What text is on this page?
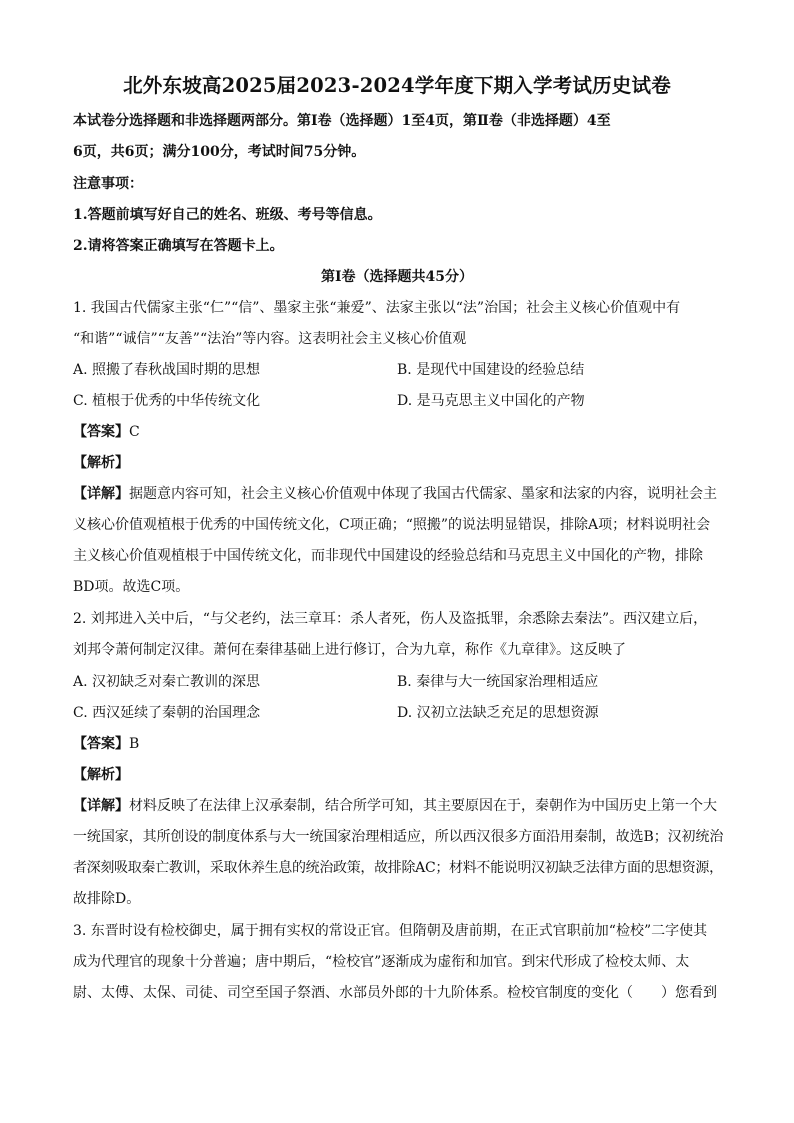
北外东坡高2025届2023-2024学年度下期入学考试历史试卷
本试卷分选择题和非选择题两部分。第Ⅰ卷（选择题）1至4页，第Ⅱ卷（非选择题）4至
6页，共6页；满分100分，考试时间75分钟。
注意事项：
1.答题前填写好自己的姓名、班级、考号等信息。
2.请将答案正确填写在答题卡上。
第Ⅰ卷（选择题共45分）
1. 我国古代儒家主张“仁”“信”、墨家主张“兼爱”、法家主张以“法”治国；社会主义核心价值观中有
“和谐”“诚信”“友善”“法治”等内容。这表明社会主义核心价值观
A. 照搬了春秋战国时期的思想	B. 是现代中国建设的经验总结
C. 植根于优秀的中华传统文化	D. 是马克思主义中国化的产物
【答案】C
【解析】
【详解】据题意内容可知，社会主义核心价值观中体现了我国古代儒家、墨家和法家的内容，说明社会主
义核心价值观植根于优秀的中国传统文化，C项正确；“照搬”的说法明显错误，排除A项；材料说明社会
主义核心价值观植根于中国传统文化，而非现代中国建设的经验总结和马克思主义中国化的产物，排除
BD项。故选C项。
2. 刘邦进入关中后，“与父老约，法三章耳：杀人者死，伤人及盗抵罪，余悉除去秦法”。西汉建立后，
刘邦令萧何制定汉律。萧何在秦律基础上进行修订，合为九章，称作《九章律》。这反映了
A. 汉初缺乏对秦亡教训的深思	B. 秦律与大一统国家治理相适应
C. 西汉延续了秦朝的治国理念	D. 汉初立法缺乏充足的思想资源
【答案】B
【解析】
【详解】材料反映了在法律上汉承秦制，结合所学可知，其主要原因在于，秦朝作为中国历史上第一个大
一统国家，其所创设的制度体系与大一统国家治理相适应，所以西汉很多方面沿用秦制，故选B；汉初统治
者深刻吸取秦亡教训，采取休养生息的统治政策，故排除AC；材料不能说明汉初缺乏法律方面的思想资源，
故排除D。
3. 东晋时设有检校御史，属于拥有实权的常设正官。但隋朝及唐前期，在正式官职前加“检校”二字使其
成为代理官的现象十分普遍；唐中期后，“检校官”逐渐成为虚衔和加官。到宋代形成了检校太师、太
尉、太傅、太保、司徒、司空至国子祭酒、水部员外郎的十九阶体系。检校官制度的变化（　　）您看到
